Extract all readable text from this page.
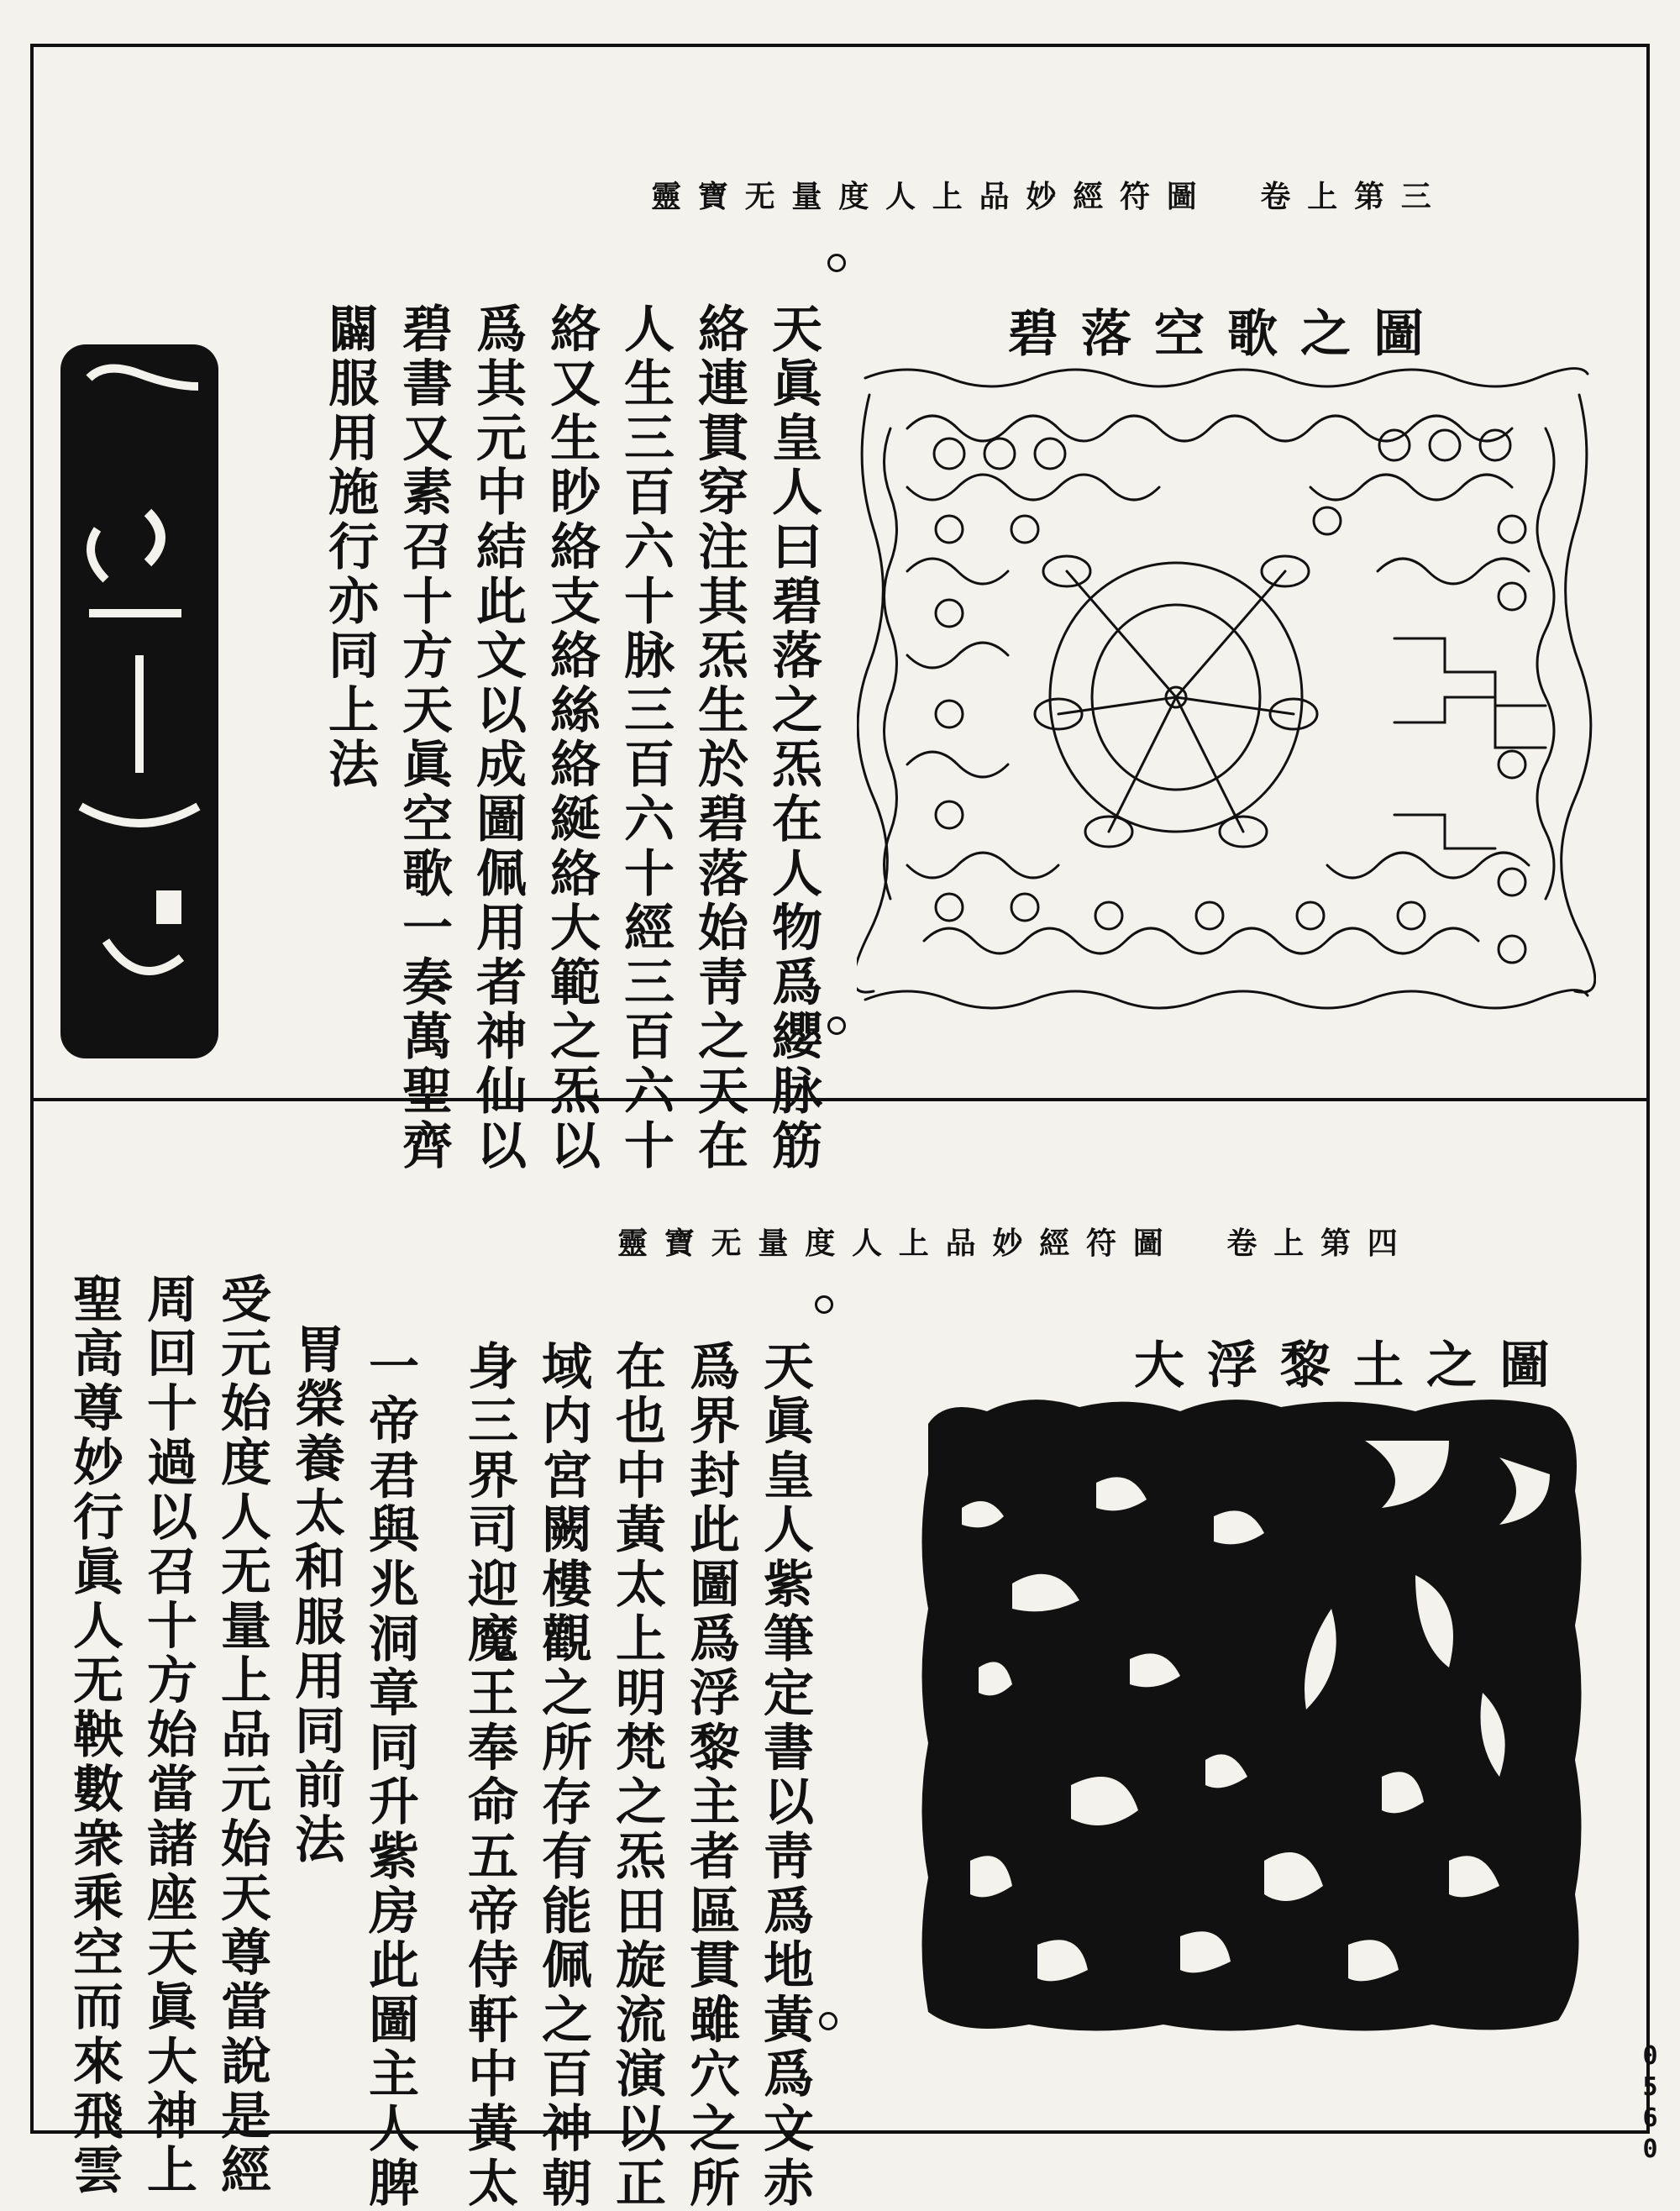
靈寶无量度人上品妙經符圖　卷上第三
碧落空歌之圖
天眞皇人曰碧落之炁在人物爲纓脉筋
絡連貫穿注其炁生於碧落始靑之天在
人生三百六十脉三百六十經三百六十
絡又生眇絡支絡絲絡綖絡大範之炁以
爲其元中結此文以成圖佩用者神仙以
碧書又素召十方天眞空歌一奏萬聖齊
闢服用施行亦同上法
靈寶无量度人上品妙經符圖　卷上第四
大浮黎土之圖
天眞皇人紫筆定書以靑爲地黃爲文赤
爲界封此圖爲浮黎主者區貫雖穴之所
在也中黃太上明梵之炁田旋流演以正
域内宮闕樓觀之所存有能佩之百神朝
身三界司迎魔王奉命五帝侍軒中黃太
一帝君與兆洞章同升紫房此圖主人脾
胃榮養太和服用同前法
受元始度人无量上品元始天尊當說是經
周回十過以召十方始當諸座天眞大神上
聖高尊妙行眞人无鞅數衆乘空而來飛雲	0560
